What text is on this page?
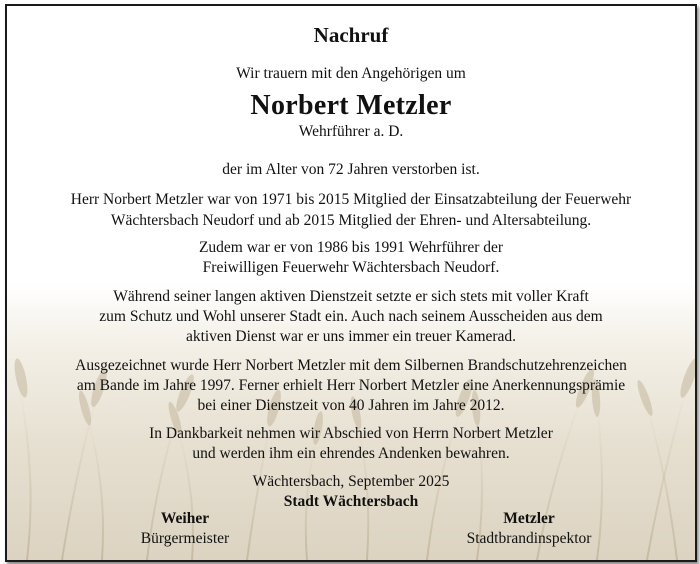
Nachruf
Wir trauern mit den Angehörigen um
Norbert Metzler
Wehrführer a. D.
der im Alter von 72 Jahren verstorben ist.
Herr Norbert Metzler war von 1971 bis 2015 Mitglied der Einsatzabteilung der Feuerwehr
Wächtersbach Neudorf und ab 2015 Mitglied der Ehren- und Altersabteilung.
Zudem war er von 1986 bis 1991 Wehrführer der
Freiwilligen Feuerwehr Wächtersbach Neudorf.
Während seiner langen aktiven Dienstzeit setzte er sich stets mit voller Kraft
zum Schutz und Wohl unserer Stadt ein. Auch nach seinem Ausscheiden aus dem
aktiven Dienst war er uns immer ein treuer Kamerad.
Ausgezeichnet wurde Herr Norbert Metzler mit dem Silbernen Brandschutzehrenzeichen
am Bande im Jahre 1997. Ferner erhielt Herr Norbert Metzler eine Anerkennungsprämie
bei einer Dienstzeit von 40 Jahren im Jahre 2012.
In Dankbarkeit nehmen wir Abschied von Herrn Norbert Metzler
und werden ihm ein ehrendes Andenken bewahren.
Wächtersbach, September 2025
Stadt Wächtersbach
Weiher
Bürgermeister
Metzler
Stadtbrandinspektor
